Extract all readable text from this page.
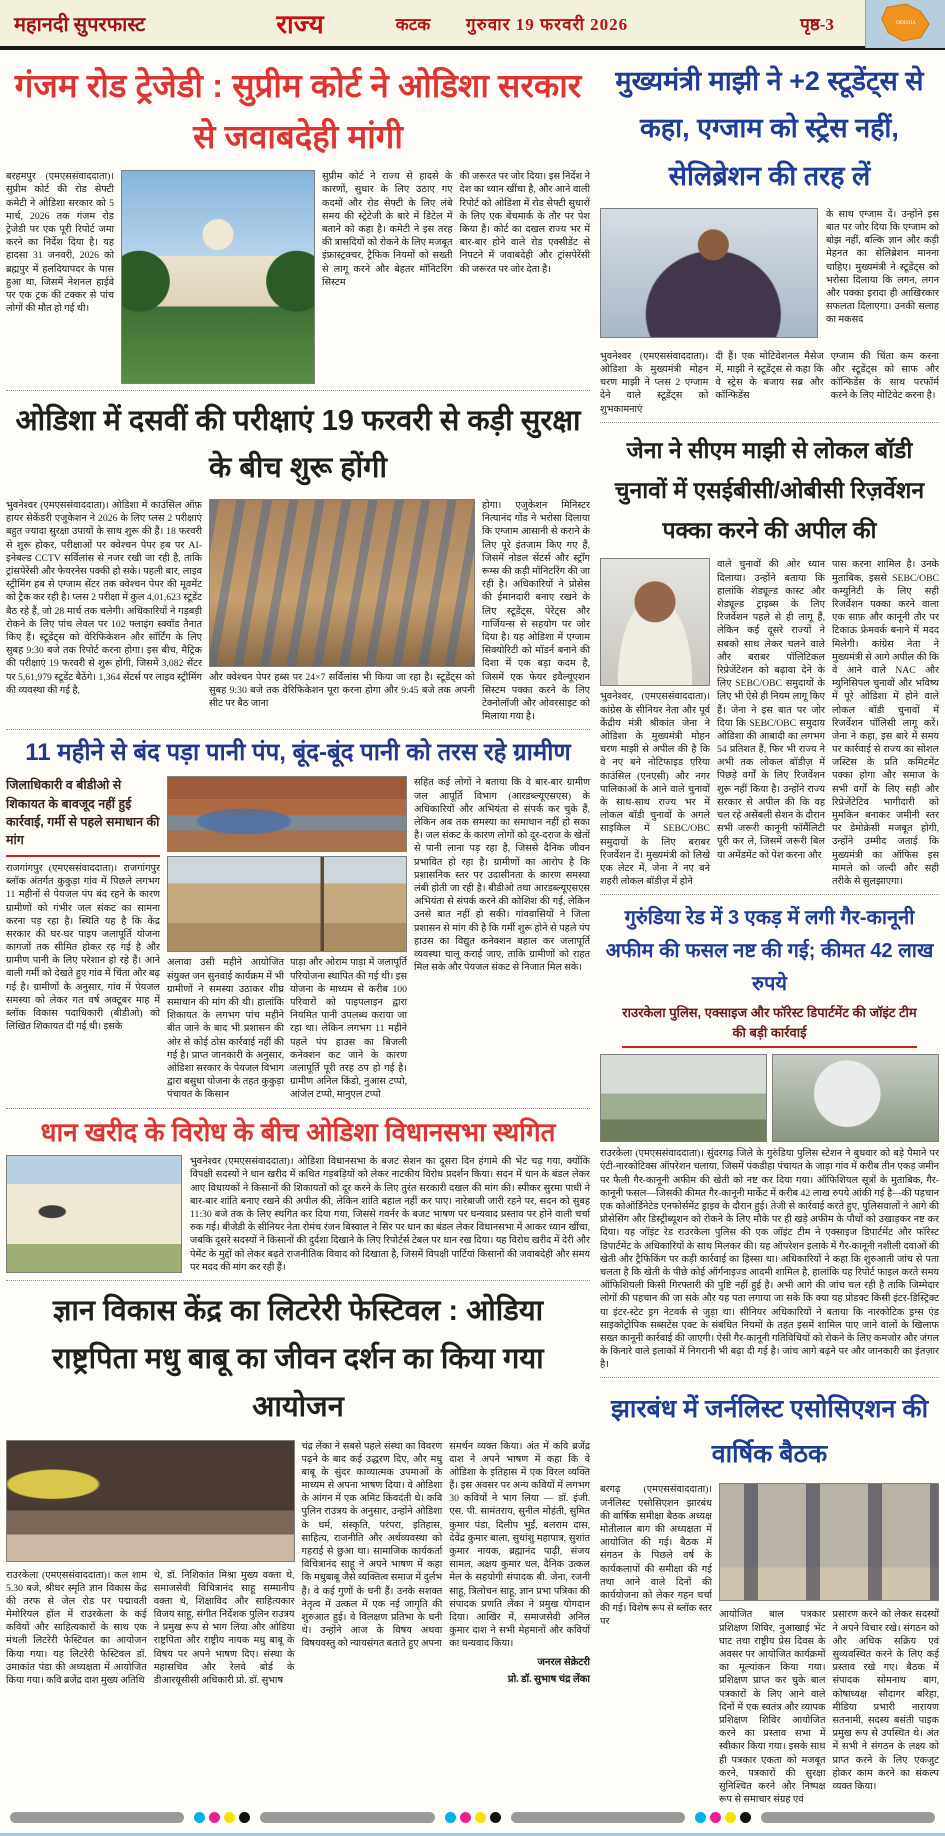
महानदी सुपरफास्ट	राज्य	कटक	गुरुवार 19 फरवरी 2026	पृष्ठ-3	ODISHA
गंजम रोड ट्रेजेडी : सुप्रीम कोर्ट ने ओडिशा सरकार से जवाबदेही मांगी

बरहमपुर (एमएससंवाददाता)। सुप्रीम कोर्ट की रोड सेफ्टी कमेटी ने ओडिशा सरकार को 5 मार्च, 2026 तक गंजम रोड ट्रेजेडी पर एक पूरी रिपोर्ट जमा करने का निर्देश दिया है। यह हादसा 31 जनवरी, 2026 को ब्रह्मपुर में हलदियापदर के पास हुआ था, जिसमें नेशनल हाईवे पर एक ट्रक की टक्कर से पांच लोगों की मौत हो गई थी।

सुप्रीम कोर्ट ने राज्य से हादसे के कारणों, सुधार के लिए उठाए गए कदमों और रोड सेफ्टी के लिए लंबे समय की स्ट्रेटेजी के बारे में डिटेल में बताने को कहा है। कमेटी ने इस तरह की त्रासदियों को रोकने के लिए मजबूत इंफ्रास्ट्रक्चर, ट्रैफिक नियमों को सख्ती से लागू करने और बेहतर मॉनिटरिंग सिस्टम

की जरूरत पर जोर दिया। इस निर्देश ने देश का ध्यान खींचा है, और आने वाली रिपोर्ट को ओडिशा में रोड सेफ्टी सुधारों के लिए एक बेंचमार्क के तौर पर पेश किया है। कोर्ट का दखल राज्य भर में बार-बार होने वाले रोड एक्सीडेंट से निपटने में जवाबदेही और ट्रांसपेरेंसी की जरूरत पर जोर देता है।

ओडिशा में दसवीं की परीक्षाएं 19 फरवरी से कड़ी सुरक्षा के बीच शुरू होंगी

भुवनेश्वर (एमएससंवाददाता)। ओडिशा में काउंसिल ऑफ़ हायर सेकेंडरी एजुकेशन ने 2026 के लिए प्लस 2 परीक्षाएं बहुत ज्यादा सुरक्षा उपायों के साथ शुरू की हैं। 18 फरवरी से शुरू होकर, परीक्षाओं पर क्वेश्चन पेपर हब पर AI-इनेबल्ड CCTV सर्विलांस से नजर रखी जा रही है, ताकि ट्रांसपेरेंसी और फेयरनेस पक्की हो सके। पहली बार, लाइव स्ट्रीमिंग हब से एग्जाम सेंटर तक क्वेश्चन पेपर की मूवमेंट को ट्रैक कर रही है। प्लस 2 परीक्षा में कुल 4,01,623 स्टूडेंट बैठ रहे हैं, जो 28 मार्च तक चलेगी। अधिकारियों ने गड़बड़ी रोकने के लिए पांच लेवल पर 102 फ्लाइंग स्क्वॉड तैनात किए हैं। स्टूडेंट्स को वेरिफिकेशन और सॉर्टिंग के लिए सुबह 9:30 बजे तक रिपोर्ट करना होगा। इस बीच, मैट्रिक की परीक्षाएं 19 फरवरी से शुरू होंगी, जिसमें 3,082 सेंटर पर 5,61,979 स्टूडेंट बैठेंगे। 1,364 सेंटर्स पर लाइव स्ट्रीमिंग की व्यवस्था की गई है,

और क्वेश्चन पेपर हब्स पर 24×7 सर्विलांस भी किया जा रहा है। स्टूडेंट्स को सुबह 9:30 बजे तक वेरिफिकेशन पूरा करना होगा और 9:45 बजे तक अपनी सीट पर बैठ जाना

होगा। एजुकेशन मिनिस्टर नित्यानंद गोंड ने भरोसा दिलाया कि एग्जाम आसानी से कराने के लिए पूरे इंतजाम किए गए हैं, जिसमें नोडल सेंटर्स और स्ट्रॉंग रूम्स की कड़ी मॉनिटरिंग की जा रही है। अधिकारियों ने प्रोसेस की ईमानदारी बनाए रखने के लिए स्टूडेंट्स, पेरेंट्स और गार्जियन्स से सहयोग पर जोर दिया है। यह ओडिशा में एग्जाम सिक्योरिटी को मॉडर्न बनाने की दिशा में एक बड़ा कदम है, जिसमें एक फेयर इवैल्यूएशन सिस्टम पक्का करने के लिए टेक्नोलॉजी और ओवरसाइट को मिलाया गया है।

11 महीने से बंद पड़ा पानी पंप, बूंद-बूंद पानी को तरस रहे ग्रामीण
जिलाधिकारी व बीडीओ से शिकायत के बावजूद नहीं हुई कार्रवाई, गर्मी से पहले समाधान की मांग

राजगांगपुर (एमएससंवाददाता)। राजगांगपुर ब्लॉक अंतर्गत कुकुड़ा गांव में पिछले लगभग 11 महीनों से पेयजल पंप बंद रहने के कारण ग्रामीणों को गंभीर जल संकट का सामना करना पड़ रहा है। स्थिति यह है कि केंद्र सरकार की घर-घर पाइप जलापूर्ति योजना कागजों तक सीमित होकर रह गई है और ग्रामीण पानी के लिए परेशान हो रहे हैं। आने वाली गर्मी को देखते हुए गांव में चिंता और बढ़ गई है। ग्रामीणों के अनुसार, गांव में पेयजल समस्या को लेकर गत वर्ष अक्टूबर माह में ब्लॉक विकास पदाधिकारी (बीडीओ) को लिखित शिकायत दी गई थी। इसके

अलावा उसी महीने आयोजित संयुक्त जन सुनवाई कार्यक्रम में भी ग्रामीणों ने समस्या उठाकर शीघ्र समाधान की मांग की थी। हालांकि शिकायत के लगभग पांच महीने बीत जाने के बाद भी प्रशासन की ओर से कोई ठोस कार्रवाई नहीं की गई है। प्राप्त जानकारी के अनुसार, ओडिशा सरकार के पेयजल विभाग द्वारा बसुधा योजना के तहत कुकुड़ा पंचायत के किसान

पाड़ा और ओराम पाड़ा में जलापूर्ति परियोजना स्थापित की गई थी। इस योजना के माध्यम से करीब 100 परिवारों को पाइपलाइन द्वारा नियमित पानी उपलब्ध कराया जा रहा था। लेकिन लगभग 11 महीने पहले पंप हाउस का बिजली कनेक्शन कट जाने के कारण जलापूर्ति पूरी तरह ठप हो गई है। ग्रामीण अनिल किंडो, नुआस टप्पो, आंजेल टप्पो, मानुएल टप्पो

सहित कई लोगों ने बताया कि वे बार-बार ग्रामीण जल आपूर्ति विभाग (आरडब्ल्यूएसएस) के अधिकारियों और अभियंता से संपर्क कर चुके हैं, लेकिन अब तक समस्या का समाधान नहीं हो सका है। जल संकट के कारण लोगों को दूर-दराज के खेतों से पानी लाना पड़ रहा है, जिससे दैनिक जीवन प्रभावित हो रहा है। ग्रामीणों का आरोप है कि प्रशासनिक स्तर पर उदासीनता के कारण समस्या लंबी होती जा रही है। बीडीओ तथा आरडब्ल्यूएसएस अभियंता से संपर्क करने की कोशिश की गई, लेकिन उनसे बात नहीं हो सकी। गांववासियों ने जिला प्रशासन से मांग की है कि गर्मी शुरू होने से पहले पंप हाउस का विद्युत कनेक्शन बहाल कर जलापूर्ति व्यवस्था चालू कराई जाए, ताकि ग्रामीणों को राहत मिल सके और पेयजल संकट से निजात मिल सके।

धान खरीद के विरोध के बीच ओडिशा विधानसभा स्थगित

भुवनेश्वर (एमएससंवाददाता)। ओडिशा विधानसभा के बजट सेशन का दूसरा दिन हंगामे की भेंट चढ़ गया, क्योंकि विपक्षी सदस्यों ने धान खरीद में कथित गड़बड़ियों को लेकर नाटकीय विरोध प्रदर्शन किया। सदन में धान के बंडल लेकर आए विधायकों ने किसानों की शिकायतों को दूर करने के लिए तुरंत सरकारी दखल की मांग की। स्पीकर सुरमा पाधी ने बार-बार शांति बनाए रखने की अपील की, लेकिन शांति बहाल नहीं कर पाए। नारेबाजी जारी रहने पर, सदन को सुबह 11:30 बजे तक के लिए स्थगित कर दिया गया, जिससे गवर्नर के बजट भाषण पर धन्यवाद प्रस्ताव पर होने वाली चर्चा रुक गई। बीजेडी के सीनियर नेता रोमंच रंजन बिस्वाल ने सिर पर धान का बंडल लेकर विधानसभा में आकर ध्यान खींचा, जबकि दूसरे सदस्यों ने किसानों की दुर्दशा दिखाने के लिए रिपोर्टर्स टेबल पर धान रख दिया। यह विरोध खरीद में देरी और पेमेंट के मुद्दों को लेकर बढ़ते राजनीतिक विवाद को दिखाता है, जिसमें विपक्षी पार्टियां किसानों की जवाबदेही और समय पर मदद की मांग कर रही हैं।

ज्ञान विकास केंद्र का लिटरेरी फेस्टिवल : ओडिया राष्ट्रपिता मधु बाबू का जीवन दर्शन का किया गया आयोजन

चंद्र लेंका ने सबसे पहले संस्था का विवरण पढ़ने के बाद कई उद्धरण दिए, और मधु बाबू के सुंदर काव्यात्मक उपमाओं के माध्यम से अपना भाषण दिया। वे ओडिशा के आंगन में एक अमिट किंवदंती थे। कवि पुलिन राउत्रय के अनुसार, उन्होंने ओडिशा के धर्म, संस्कृति, परंपरा, इतिहास, साहित्य, राजनीति और अर्थव्यवस्था को गहराई से छुआ था। सामाजिक कार्यकर्ता विचित्रानंद साहू ने अपने भाषण में कहा कि मधुबाबू जैसे व्यक्तित्व समाज में दुर्लभ हैं। वे कई गुणों के धनी हैं। उनके सशक्त नेतृत्व में उत्कल में एक नई जागृति की शुरुआत हुई। वे विलक्षण प्रतिभा के धनी थे। उन्होंने आज के विषय अथवा विषयवस्तु को न्यायसंगत बताते हुए अपना

समर्थन व्यक्त किया। अंत में कवि ब्रजेंद्र दाश ने अपने भाषण में कहा कि वे ओडिशा के इतिहास में एक विरल व्यक्ति हैं। इस अवसर पर अन्य कवियों में लगभग 30 कवियों ने भाग लिया — डॉ. इंजी. एस. पी. सामंतराय, सुनील मोहंती, सुमित कुमार पंडा, दिलीप भुईं, बलराम दास, देवेंद्र कुमार बाला, सुधांशु महापात्र, सुशांत कुमार नायक, ब्रह्मानंद पाढ़ी, संजय सामल, अक्षय कुमार धल, दैनिक उत्कल मेल के सहयोगी संपादक बी. जेना, रजनी साहू, त्रिलोचन साहू, ज्ञान प्रभा पत्रिका की संपादक प्रणति लेंका ने प्रमुख योगदान दिया। आखिर में, समाजसेवी अनिल कुमार दाश ने सभी मेहमानों और कवियों का धन्यवाद किया।

जनरल सेक्रेटरी
प्रो. डॉ. सुभाष चंद्र लेंका

राउरकेला (एमएससंवाददाता)। कल शाम 5.30 बजे, श्रीधर स्मृति ज्ञान विकास केंद्र की तरफ से जेल रोड पर पद्मावती मेमोरियल हॉल में राउरकेला के कई कवियों और साहित्यकारों के साथ एक मंथली लिटरेरी फेस्टिवल का आयोजन किया गया। यह लिटरेरी फेस्टिवल डॉ. उमाकांत पंडा की अध्यक्षता में आयोजित किया गया। कवि ब्रजेंद्र दाश मुख्य अतिथि

थे, डॉ. निशिकांत मिश्रा मुख्य वक्ता थे, समाजसेवी विचित्रानंद साहू सम्मानीय वक्ता थे, शिक्षाविद और साहित्यकार विजय साहू, संगीत निर्देशक पुलिन राउत्रय ने प्रमुख रूप से भाग लिया और ओडिया राष्ट्रपिता और राष्ट्रीय नायक मधु बाबू के विषय पर अपने भाषण दिए। संस्था के महासचिव और रेलवे बोर्ड के डीआरयूसीसी अधिकारी प्रो. डॉ. सुभाष

मुख्यमंत्री माझी ने +2 स्टूडेंट्स से कहा, एग्जाम को स्ट्रेस नहीं, सेलिब्रेशन की तरह लें

के साथ एग्जाम दें। उन्होंने इस बात पर जोर दिया कि एग्जाम को बोझ नहीं, बल्कि ज्ञान और कड़ी मेहनत का सेलिब्रेशन मानना चाहिए। मुख्यमंत्री ने स्टूडेंट्स को भरोसा दिलाया कि लगन, लगन और पक्का इरादा ही आखिरकार सफलता दिलाएगा। उनकी सलाह का मकसद

भुवनेश्वर (एमएससंवाददाता)। ओडिशा के मुख्यमंत्री मोहन चरण माझी ने प्लस 2 एग्जाम देने वाले स्टूडेंट्स को शुभकामनाएं

दी हैं। एक मोटिवेशनल मैसेज में, माझी ने स्टूडेंट्स से कहा कि वे स्ट्रेस के बजाय सब्र और कॉन्फिडेंस

एग्जाम की चिंता कम करना और स्टूडेंट्स को साफ और कॉन्फिडेंस के साथ परफॉर्म करने के लिए मोटिवेट करना है।

जेना ने सीएम माझी से लोकल बॉडी चुनावों में एसईबीसी/ओबीसी रिज़र्वेशन पक्का करने की अपील की

भुवनेश्वर, (एमएससंवाददाता)। कांग्रेस के सीनियर नेता और पूर्व केंद्रीय मंत्री श्रीकांत जेना ने ओडिशा के मुख्यमंत्री मोहन चरण माझी से अपील की है कि वे नए बने नोटिफाइड एरिया काउंसिल (एनएसी) और नगर पालिकाओं के आने वाले चुनावों के साथ-साथ राज्य भर में लोकल बॉडी चुनावों के अगले साइकिल में SEBC/OBC समुदायों के लिए बराबर रिजर्वेशन दें। मुख्यमंत्री को लिखे एक लेटर में, जेना ने नए बने शहरी लोकल बॉडीज़ में होने

वाले चुनावों की ओर ध्यान दिलाया। उन्होंने बताया कि हालांकि शेड्यूल्ड कास्ट और शेड्यूल्ड ट्राइब्स के लिए रिजर्वेशन पहले से ही लागू हैं, लेकिन कई दूसरे राज्यों ने सबको साथ लेकर चलने वाले और बराबर पॉलिटिकल रिप्रेजेंटेशन को बढ़ावा देने के लिए SEBC/OBC समुदायों के लिए भी ऐसे ही नियम लागू किए हैं। जेना ने इस बात पर जोर दिया कि SEBC/OBC समुदाय ओडिशा की आबादी का लगभग 54 प्रतिशत हैं, फिर भी राज्य ने अभी तक लोकल बॉडीज़ में पिछड़े वर्गों के लिए रिजर्वेशन शुरू नहीं किया है। उन्होंने राज्य सरकार से अपील की कि वह चल रहे असेंबली सेशन के दौरान सभी जरूरी कानूनी फॉर्मैलिटी पूरी कर ले, जिसमें जरूरी बिल या अमेंडमेंट को पेश करना और

पास करना शामिल है। उनके मुताबिक, इससे SEBC/OBC कम्युनिटी के लिए सही रिजर्वेशन पक्का करने वाला एक साफ़ और कानूनी तौर पर टिकाऊ फ्रेमवर्क बनाने में मदद मिलेगी। कांग्रेस नेता ने मुख्यमंत्री से आगे अपील की कि वे आने वाले NAC और म्युनिसिपल चुनावों और भविष्य में पूरे ओडिशा में होने वाले लोकल बॉडी चुनावों में रिजर्वेशन पॉलिसी लागू करें। जेना ने कहा, इस बारे में समय पर कार्रवाई से राज्य का सोशल जस्टिस के प्रति कमिटमेंट पक्का होगा और समाज के सभी वर्गों के लिए सही और रिप्रेजेंटेटिव भागीदारी को मुमकिन बनाकर जमीनी स्तर पर डेमोक्रेसी मजबूत होगी, उन्होंने उम्मीद जताई कि मुख्यमंत्री का ऑफिस इस मामले को जल्दी और सही तरीके से सुलझाएगा।

गुरुंडिया रेड में 3 एकड़ में लगी गैर-कानूनी अफीम की फसल नष्ट की गई; कीमत 42 लाख रुपये
राउरकेला पुलिस, एक्साइज और फॉरेस्ट डिपार्टमेंट की जॉइंट टीम की बड़ी कार्रवाई

राउरकेला (एमएससंवाददाता)। सुंदरगढ़ जिले के गुरुंडिया पुलिस स्टेशन ने बुधवार को बड़े पैमाने पर एंटी-नारकोटिक्स ऑपरेशन चलाया, जिसमें पंकडीहा पंचायत के जाड़ा गांव में करीब तीन एकड़ जमीन पर फैली गैर-कानूनी अफीम की खेती को नष्ट कर दिया गया। ऑफिशियल सूत्रों के मुताबिक, गैर-कानूनी फसल—जिसकी कीमत गैर-कानूनी मार्केट में करीब 42 लाख रुपये आंकी गई है—की पहचान एक कोऑर्डिनेटेड एनफोर्समेंट ड्राइव के दौरान हुई। तेजी से कार्रवाई करते हुए, पुलिसवालों ने आगे की प्रोसेसिंग और डिस्ट्रीब्यूशन को रोकने के लिए मौके पर ही खड़े अफीम के पौधों को उखाड़कर नष्ट कर दिया। यह जॉइंट रेड राउरकेला पुलिस की एक जॉइंट टीम ने एक्साइज डिपार्टमेंट और फॉरेस्ट डिपार्टमेंट के अधिकारियों के साथ मिलकर की। यह ऑपरेशन इलाके में गैर-कानूनी नशीली दवाओं की खेती और ट्रैफिकिंग पर कड़ी कार्रवाई का हिस्सा था। अधिकारियों ने कहा कि शुरुआती जांच से पता चलता है कि खेती के पीछे कोई ऑर्गनाइज्ड आदमी शामिल है, हालांकि यह रिपोर्ट फाइल करते समय ऑफिशियली किसी गिरफ्तारी की पुष्टि नहीं हुई है। अभी आगे की जांच चल रही है ताकि जिम्मेदार लोगों की पहचान की जा सके और यह पता लगाया जा सके कि क्या यह प्रोडक्ट किसी इंटर-डिस्ट्रिक्ट या इंटर-स्टेट ड्रग नेटवर्क से जुड़ा था। सीनियर अधिकारियों ने बताया कि नारकोटिक ड्रग्स एंड साइकोट्रोपिक सब्सटेंस एक्ट के संबंधित नियमों के तहत इसमें शामिल पाए जाने वालों के खिलाफ सख्त कानूनी कार्रवाई की जाएगी। ऐसी गैर-कानूनी गतिविधियों को रोकने के लिए कमजोर और जंगल के किनारे वाले इलाकों में निगरानी भी बढ़ा दी गई है। जांच आगे बढ़ने पर और जानकारी का इंतज़ार है।

झारबंध में जर्नलिस्ट एसोसिएशन की वार्षिक बैठक

बरगढ़ (एमएससंवाददाता)। जर्नलिस्ट एसोसिएशन झारबंध की वार्षिक समीक्षा बैठक अध्यक्ष मोतीलाल बाग की अध्यक्षता में आयोजित की गई। बैठक में संगठन के पिछले वर्ष के कार्यकलापों की समीक्षा की गई तथा आने वाले दिनों की कार्ययोजना को लेकर गहन चर्चा की गई। विशेष रूप से ब्लॉक स्तर पर

आयोजित बाल पत्रकार प्रशिक्षण शिविर, नुआखाई भेंट घाट तथा राष्ट्रीय प्रेस दिवस के अवसर पर आयोजित कार्यक्रमों का मूल्यांकन किया गया। प्रशिक्षण प्राप्त कर चुके बाल पत्रकारों के लिए आने वाले दिनों में एक स्वतंत्र और व्यापक प्रशिक्षण शिविर आयोजित करने का प्रस्ताव सभा में स्वीकार किया गया। इसके साथ ही पत्रकार एकता को मजबूत करने, पत्रकारों की सुरक्षा सुनिश्चित करने और निष्पक्ष रूप से समाचार संग्रह एवं

प्रसारण करने को लेकर सदस्यों ने अपने विचार रखे। संगठन को और अधिक सक्रिय एवं सुव्यवस्थित करने के लिए कई प्रस्ताव रखे गए। बैठक में संपादक सोमनाथ बाग, कोषाध्यक्ष सौदागर बरिहा, मीडिया प्रभारी नारायण सतनामी, सदस्य बसंती पाइक प्रमुख रूप से उपस्थित थे। अंत में सभी ने संगठन के लक्ष्य को प्राप्त करने के लिए एकजुट होकर काम करने का संकल्प व्यक्त किया।
